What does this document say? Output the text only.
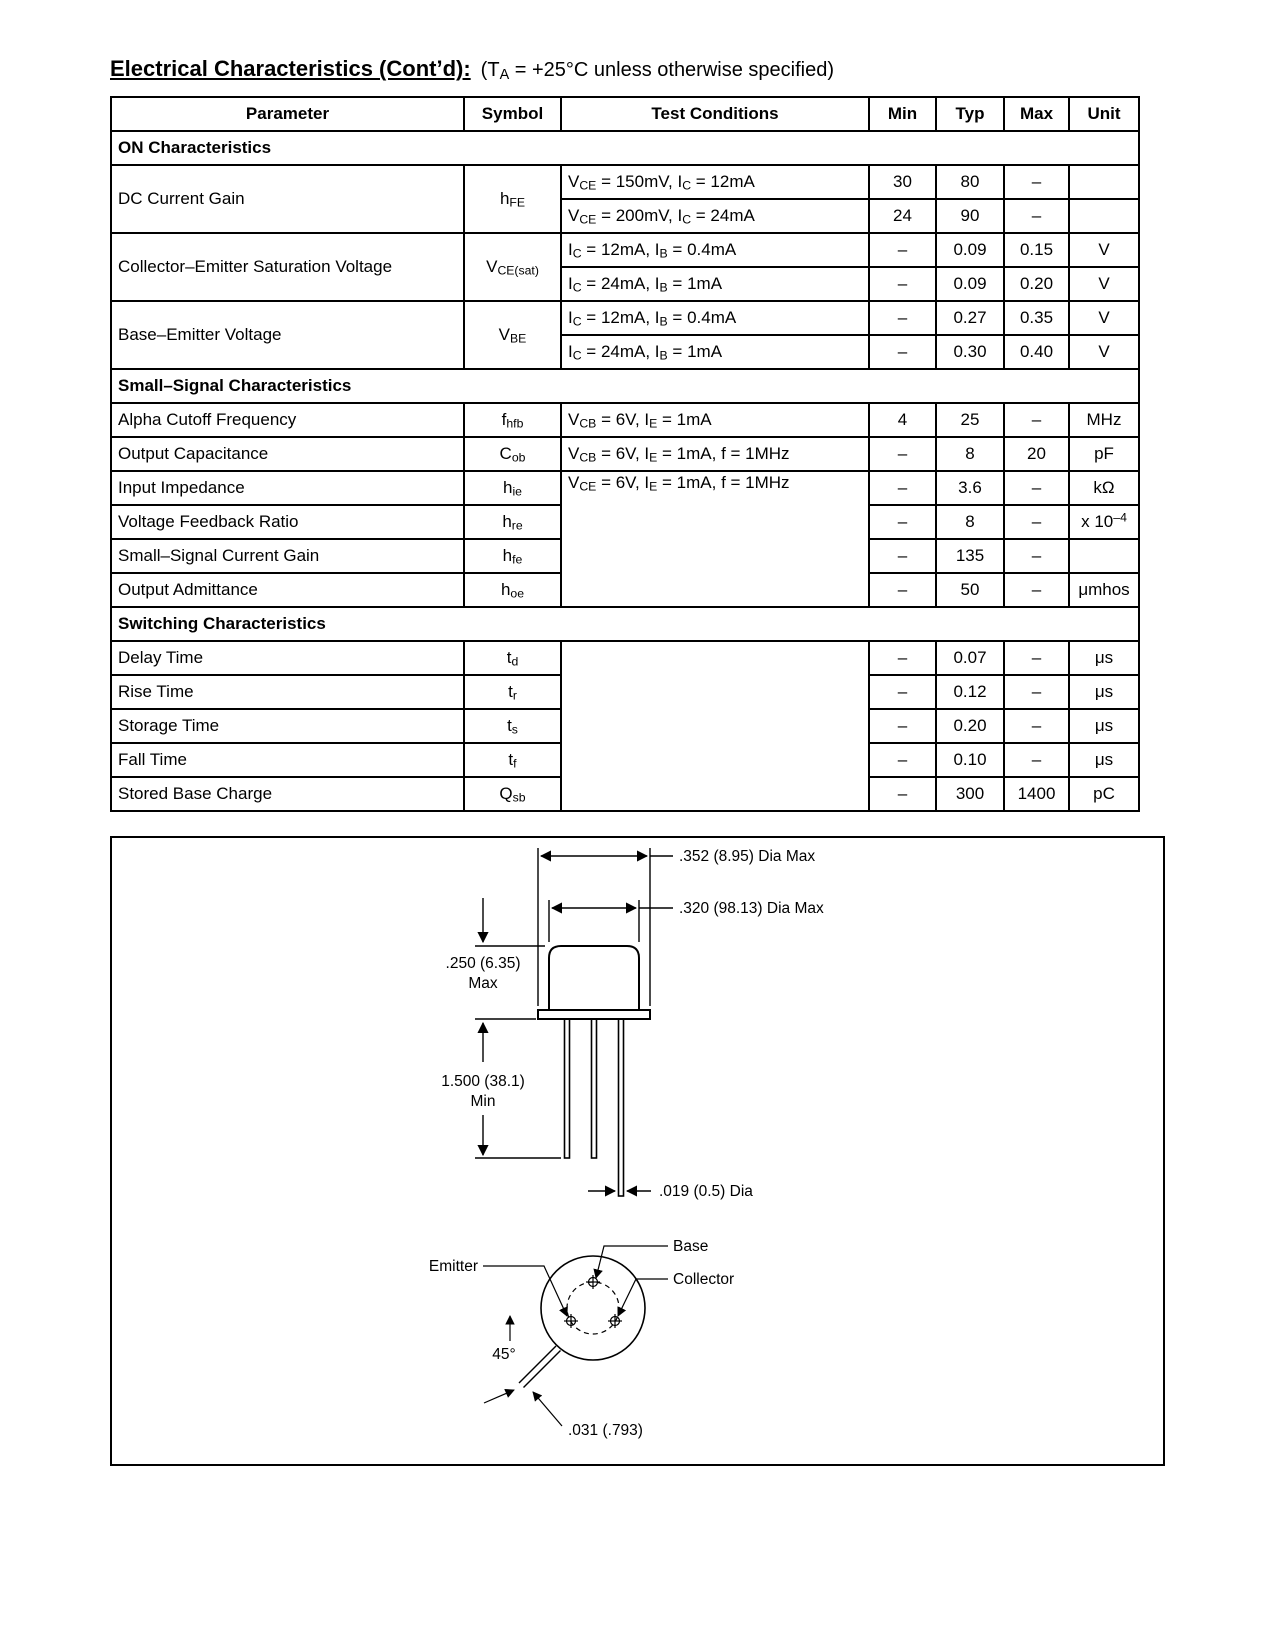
Electrical Characteristics (Cont’d): ($T_A = +25^\circ C$ unless otherwise specified)
Parameter	Symbol	Test Conditions	Min	Typ	Max	Unit
ON Characteristics						
DC Current Gain	$h_{FE}$	$V_{CE} = 150mV$, $I_C = 12mA$	30	80	–	
		$V_{CE} = 200mV$, $I_C = 24mA$	24	90	–	
Collector–Emitter Saturation Voltage	$V_{CE(sat)}$	$I_C = 12mA$, $I_B = 0.4mA$	–	0.09	0.15	V
		$I_C = 24mA$, $I_B = 1mA$	–	0.09	0.20	V
Base–Emitter Voltage	$V_{BE}$	$I_C = 12mA$, $I_B = 0.4mA$	–	0.27	0.35	V
		$I_C = 24mA$, $I_B = 1mA$	–	0.30	0.40	V
Small–Signal Characteristics						
Alpha Cutoff Frequency	$f_{hfb}$	$V_{CB} = 6V$, $I_E = 1mA$	4	25	–	MHz
Output Capacitance	$C_{ob}$	$V_{CB} = 6V$, $I_E = 1mA$, f = 1MHz	–	8	20	pF
Input Impedance	$h_{ie}$	$V_{CE} = 6V$, $I_E = 1mA$, f = 1MHz	–	3.6	–	kΩ
Voltage Feedback Ratio	$h_{re}$		–	8	–	x $10^{-4}$
Small–Signal Current Gain	$h_{fe}$		–	135	–	
Output Admittance	$h_{oe}$		–	50	–	μmhos
Switching Characteristics						
Delay Time	$t_d$		–	0.07	–	μs
Rise Time	$t_r$		–	0.12	–	μs
Storage Time	$t_s$		–	0.20	–	μs
Fall Time	$t_f$		–	0.10	–	μs
Stored Base Charge	$Q_{sb}$		–	300	1400	pC
.352 (8.95) Dia Max
.320 (98.13) Dia Max
.250 (6.35)
Max
1.500 (38.1)
Min
.019 (0.5) Dia
Base
Collector
Emitter
45°
.031 (.793)
